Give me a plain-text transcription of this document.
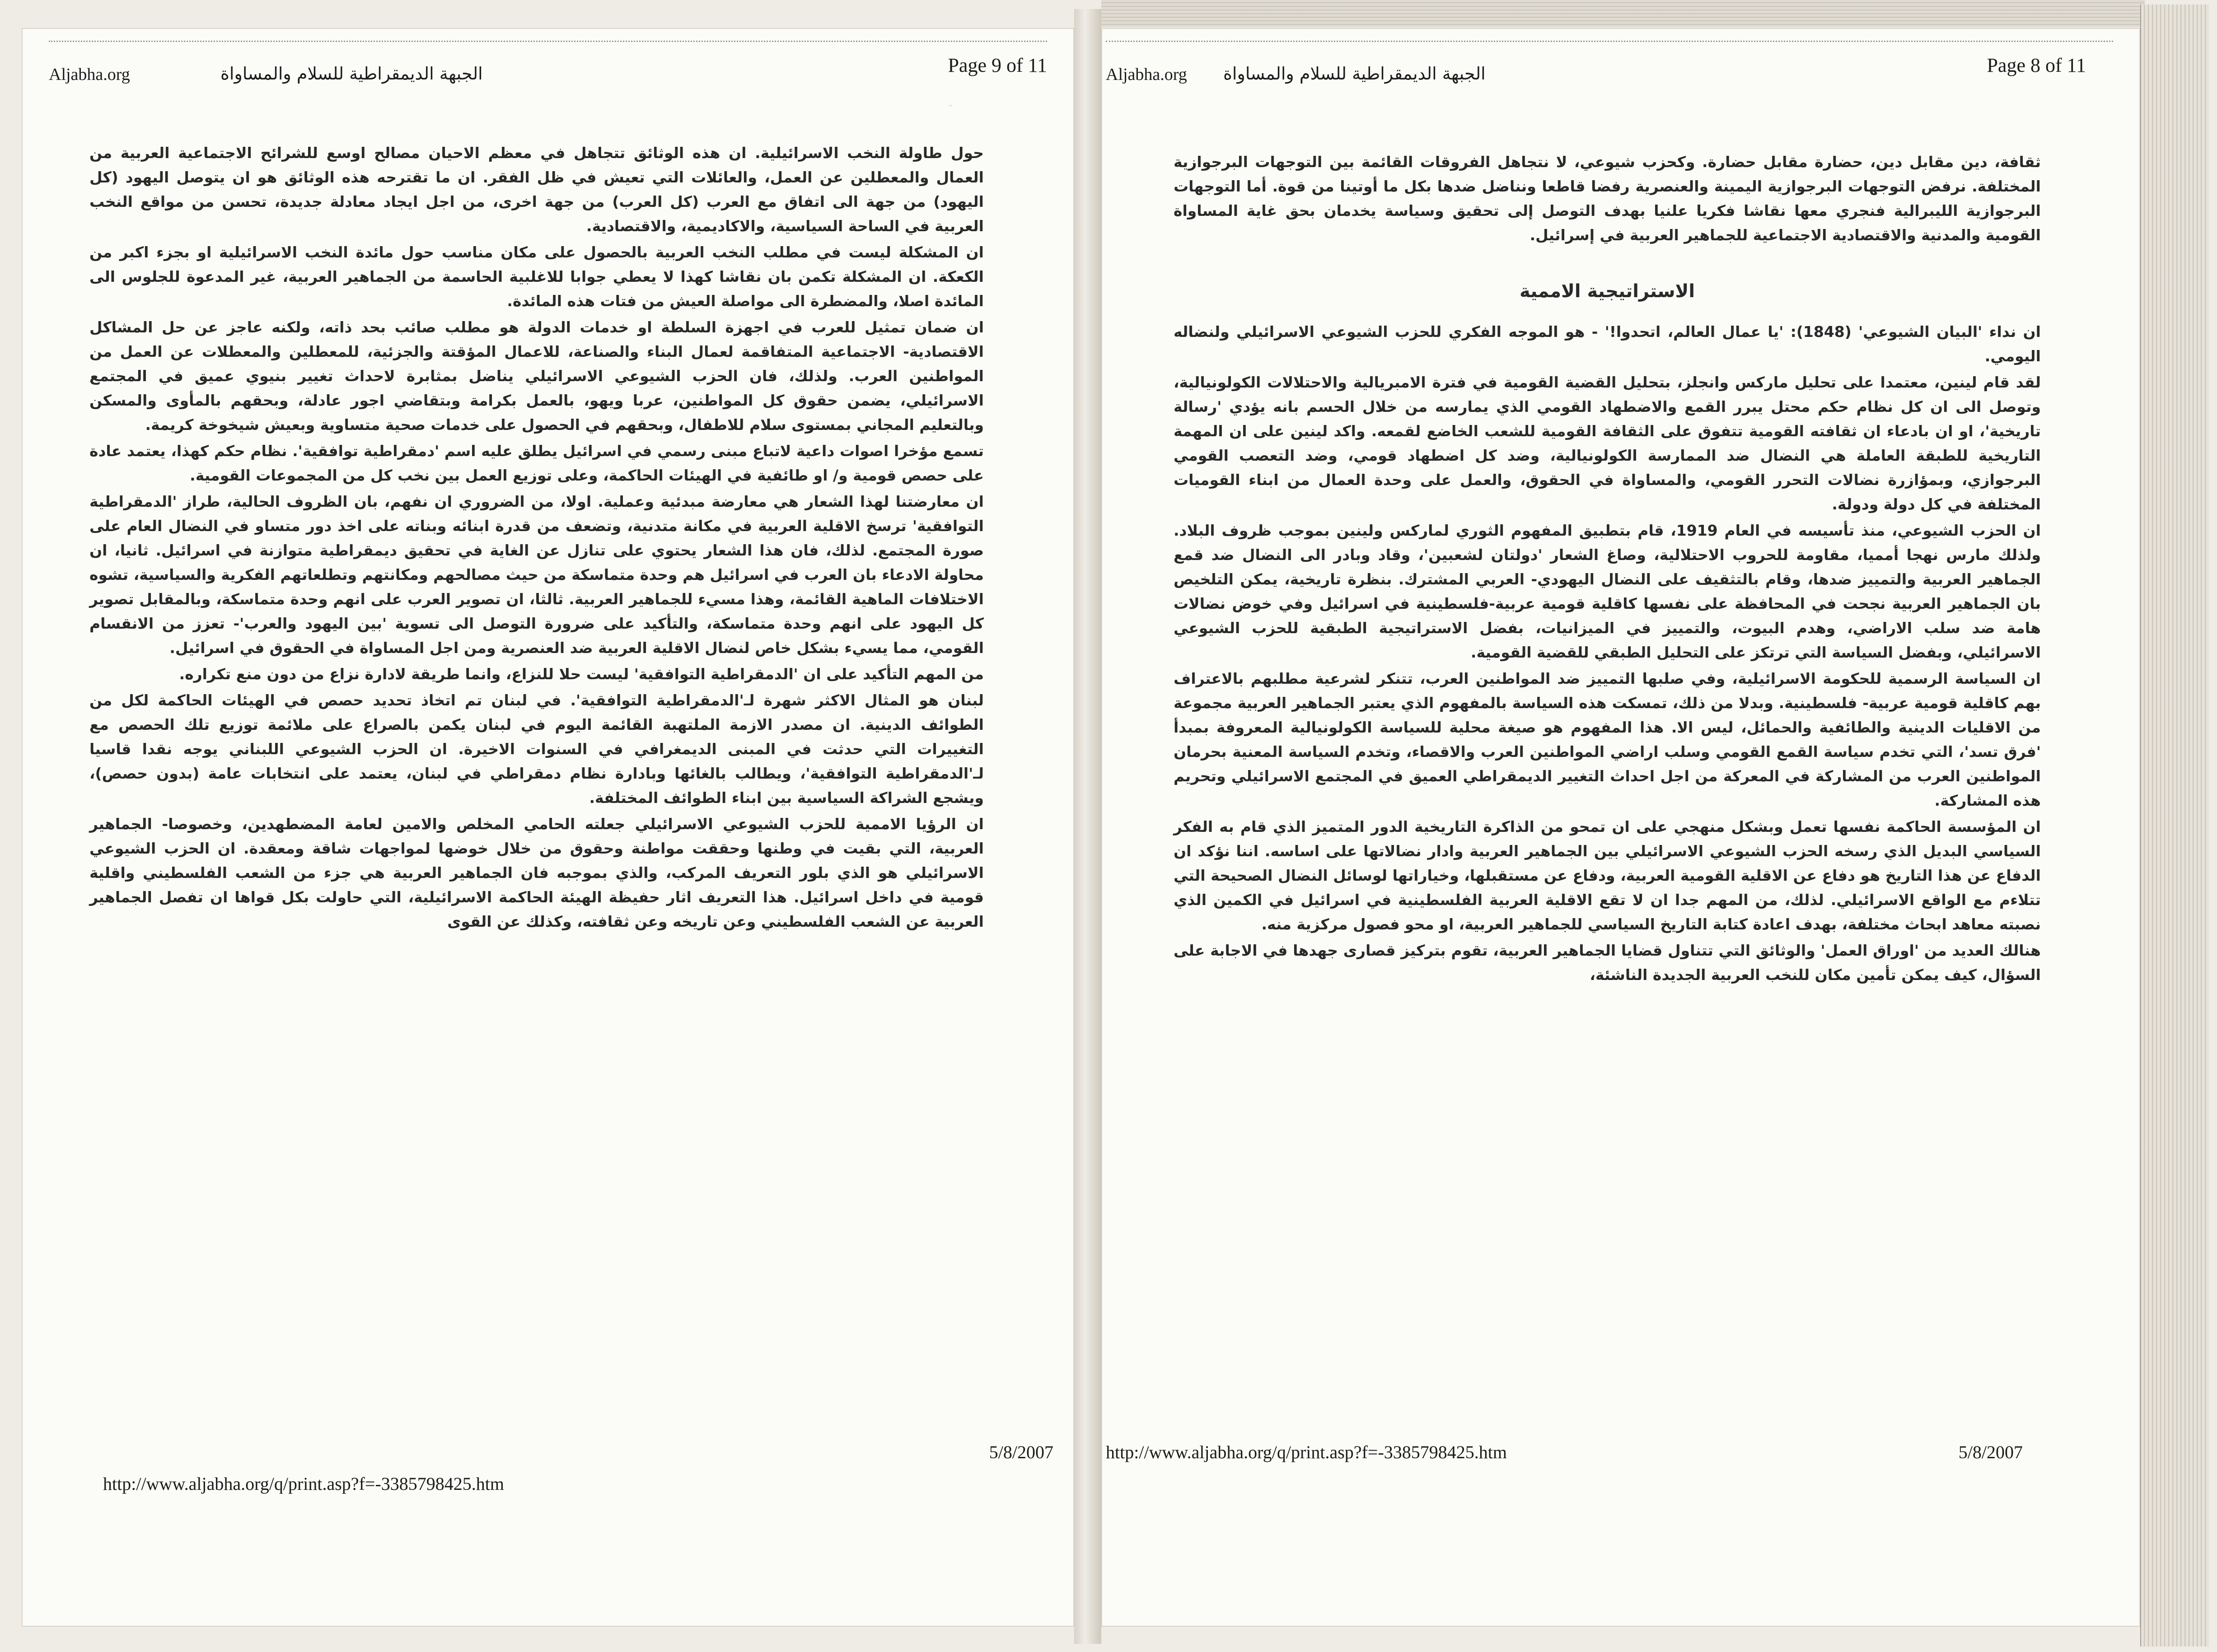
Aljabha.org	الجبهة الديمقراطية للسلام والمساواة	Page 9 of 11
ـ

حول طاولة النخب الاسرائيلية. ان هذه الوثائق تتجاهل في معظم الاحيان مصالح اوسع للشرائح الاجتماعية العربية من العمال والمعطلين عن العمل، والعائلات التي تعيش في ظل الفقر. ان ما تقترحه هذه الوثائق هو ان يتوصل اليهود (كل اليهود) من جهة الى اتفاق مع العرب (كل العرب) من جهة اخرى، من اجل ايجاد معادلة جديدة، تحسن من مواقع النخب العربية في الساحة السياسية، والاكاديمية، والاقتصادية.

ان المشكلة ليست في مطلب النخب العربية بالحصول على مكان مناسب حول مائدة النخب الاسرائيلية او بجزء اكبر من الكعكة. ان المشكلة تكمن بان نقاشا كهذا لا يعطي جوابا للاغلبية الحاسمة من الجماهير العربية، غير المدعوة للجلوس الى المائدة اصلا، والمضطرة الى مواصلة العيش من فتات هذه المائدة.

ان ضمان تمثيل للعرب في اجهزة السلطة او خدمات الدولة هو مطلب صائب بحد ذاته، ولكنه عاجز عن حل المشاكل الاقتصادية- الاجتماعية المتفاقمة لعمال البناء والصناعة، للاعمال المؤقتة والجزئية، للمعطلين والمعطلات عن العمل من المواطنين العرب. ولذلك، فان الحزب الشيوعي الاسرائيلي يناضل بمثابرة لاحداث تغيير بنيوي عميق في المجتمع الاسرائيلي، يضمن حقوق كل المواطنين، عربا ويهو، بالعمل بكرامة وبتقاضي اجور عادلة، وبحقهم بالمأوى والمسكن وبالتعليم المجاني بمستوى سلام للاطفال، وبحقهم في الحصول على خدمات صحية متساوية وبعيش شيخوخة كريمة.

تسمع مؤخرا اصوات داعية لاتباع مبنى رسمي في اسرائيل يطلق عليه اسم 'دمقراطية توافقية'. نظام حكم كهذا، يعتمد عادة على حصص قومية و/ او طائفية في الهيئات الحاكمة، وعلى توزيع العمل بين نخب كل من المجموعات القومية.

ان معارضتنا لهذا الشعار هي معارضة مبدئية وعملية. اولا، من الضروري ان نفهم، بان الظروف الحالية، طراز 'الدمقراطية التوافقية' ترسخ الاقلية العربية في مكانة متدنية، وتضعف من قدرة ابنائه وبناته على اخذ دور متساو في النضال العام على صورة المجتمع. لذلك، فان هذا الشعار يحتوي على تنازل عن الغاية في تحقيق ديمقراطية متوازنة في اسرائيل. ثانيا، ان محاولة الادعاء بان العرب في اسرائيل هم وحدة متماسكة من حيث مصالحهم ومكانتهم وتطلعاتهم الفكرية والسياسية، تشوه الاختلافات الماهية القائمة، وهذا مسيء للجماهير العربية. ثالثا، ان تصوير العرب على انهم وحدة متماسكة، وبالمقابل تصوير كل اليهود على انهم وحدة متماسكة، والتأكيد على ضرورة التوصل الى تسوية 'بين اليهود والعرب'- تعزز من الانقسام القومي، مما يسيء بشكل خاص لنضال الاقلية العربية ضد العنصرية ومن اجل المساواة في الحقوق في اسرائيل.

من المهم التأكيد على ان 'الدمقراطية التوافقية' ليست حلا للنزاع، وانما طريقة لادارة نزاع من دون منع تكراره.

لبنان هو المثال الاكثر شهرة لـ'الدمقراطية التوافقية'. في لبنان تم اتخاذ تحديد حصص في الهيئات الحاكمة لكل من الطوائف الدينية. ان مصدر الازمة الملتهبة القائمة اليوم في لبنان يكمن بالصراع على ملائمة توزيع تلك الحصص مع التغييرات التي حدثت في المبنى الديمغرافي في السنوات الاخيرة. ان الحزب الشيوعي اللبناني يوجه نقدا قاسيا لـ'الدمقراطية التوافقية'، ويطالب بالغائها وبادارة نظام دمقراطي في لبنان، يعتمد على انتخابات عامة (بدون حصص)، ويشجع الشراكة السياسية بين ابناء الطوائف المختلفة.

ان الرؤيا الاممية للحزب الشيوعي الاسرائيلي جعلته الحامي المخلص والامين لعامة المضطهدين، وخصوصا- الجماهير العربية، التي بقيت في وطنها وحققت مواطنة وحقوق من خلال خوضها لمواجهات شاقة ومعقدة. ان الحزب الشيوعي الاسرائيلي هو الذي بلور التعريف المركب، والذي بموجبه فان الجماهير العربية هي جزء من الشعب الفلسطيني واقلية قومية في داخل اسرائيل. هذا التعريف اثار حفيظة الهيئة الحاكمة الاسرائيلية، التي حاولت بكل قواها ان تفصل الجماهير العربية عن الشعب الفلسطيني وعن تاريخه وعن ثقافته، وكذلك عن القوى

5/8/2007
http://www.aljabha.org/q/print.asp?f=-3385798425.htm
Aljabha.org الجبهة الديمقراطية للسلام والمساواة	Page 8 of 11

ثقافة، دين مقابل دين، حضارة مقابل حضارة. وكحزب شيوعي، لا نتجاهل الفروقات القائمة بين التوجهات البرجوازية المختلفة. نرفض التوجهات البرجوازية اليمينة والعنصرية رفضا قاطعا ونناضل ضدها بكل ما أوتينا من قوة. أما التوجهات البرجوازية الليبرالية فنجري معها نقاشا فكريا علنيا بهدف التوصل إلى تحقيق وسياسة يخدمان بحق غاية المساواة القومية والمدنية والاقتصادية الاجتماعية للجماهير العربية في إسرائيل.

الاستراتيجية الاممية

ان نداء 'البيان الشيوعي' (1848): 'يا عمال العالم، اتحدوا!' - هو الموجه الفكري للحزب الشيوعي الاسرائيلي ولنضاله اليومي.

لقد قام لينين، معتمدا على تحليل ماركس وانجلز، بتحليل القضية القومية في فترة الامبريالية والاحتلالات الكولونيالية، وتوصل الى ان كل نظام حكم محتل يبرر القمع والاضطهاد القومي الذي يمارسه من خلال الحسم بانه يؤدي 'رسالة تاريخية'، او ان بادعاء ان ثقافته القومية تتفوق على الثقافة القومية للشعب الخاضع لقمعه. واكد لينين على ان المهمة التاريخية للطبقة العاملة هي النضال ضد الممارسة الكولونيالية، وضد كل اضطهاد قومي، وضد التعصب القومي البرجوازي، وبمؤازرة نضالات التحرر القومي، والمساواة في الحقوق، والعمل على وحدة العمال من ابناء القوميات المختلفة في كل دولة ودولة.

ان الحزب الشيوعي، منذ تأسيسه في العام 1919، قام بتطبيق المفهوم الثوري لماركس ولينين بموجب ظروف البلاد. ولذلك مارس نهجا أمميا، مقاومة للحروب الاحتلالية، وصاغ الشعار 'دولتان لشعبين'، وقاد وبادر الى النضال ضد قمع الجماهير العربية والتمييز ضدها، وقام بالتثقيف على النضال اليهودي- العربي المشترك. بنظرة تاريخية، يمكن التلخيص بان الجماهير العربية نجحت في المحافظة على نفسها كاقلية قومية عربية-فلسطينية في اسرائيل وفي خوض نضالات هامة ضد سلب الاراضي، وهدم البيوت، والتمييز في الميزانيات، بفضل الاستراتيجية الطبقية للحزب الشيوعي الاسرائيلي، وبفضل السياسة التي ترتكز على التحليل الطبقي للقضية القومية.

ان السياسة الرسمية للحكومة الاسرائيلية، وفي صلبها التمييز ضد المواطنين العرب، تتنكر لشرعية مطلبهم بالاعتراف بهم كاقلية قومية عربية- فلسطينية. وبدلا من ذلك، تمسكت هذه السياسة بالمفهوم الذي يعتبر الجماهير العربية مجموعة من الاقليات الدينية والطائفية والحمائل، ليس الا. هذا المفهوم هو صيغة محلية للسياسة الكولونيالية المعروفة بمبدأ 'فرق تسد'، التي تخدم سياسة القمع القومي وسلب اراضي المواطنين العرب والاقصاء، وتخدم السياسة المعنية بحرمان المواطنين العرب من المشاركة في المعركة من اجل احداث التغيير الديمقراطي العميق في المجتمع الاسرائيلي وتحريم هذه المشاركة.

ان المؤسسة الحاكمة نفسها تعمل وبشكل منهجي على ان تمحو من الذاكرة التاريخية الدور المتميز الذي قام به الفكر السياسي البديل الذي رسخه الحزب الشيوعي الاسرائيلي بين الجماهير العربية وادار نضالاتها على اساسه. اننا نؤكد ان الدفاع عن هذا التاريخ هو دفاع عن الاقلية القومية العربية، ودفاع عن مستقبلها، وخياراتها لوسائل النضال الصحيحة التي تتلاءم مع الواقع الاسرائيلي. لذلك، من المهم جدا ان لا تقع الاقلية العربية الفلسطينية في اسرائيل في الكمين الذي نصبته معاهد ابحاث مختلفة، بهدف اعادة كتابة التاريخ السياسي للجماهير العربية، او محو فصول مركزية منه.

هنالك العديد من 'اوراق العمل' والوثائق التي تتناول قضايا الجماهير العربية، تقوم بتركيز قصارى جهدها في الاجابة على السؤال، كيف يمكن تأمين مكان للنخب العربية الجديدة الناشئة،

http://www.aljabha.org/q/print.asp?f=-3385798425.htm	5/8/2007
